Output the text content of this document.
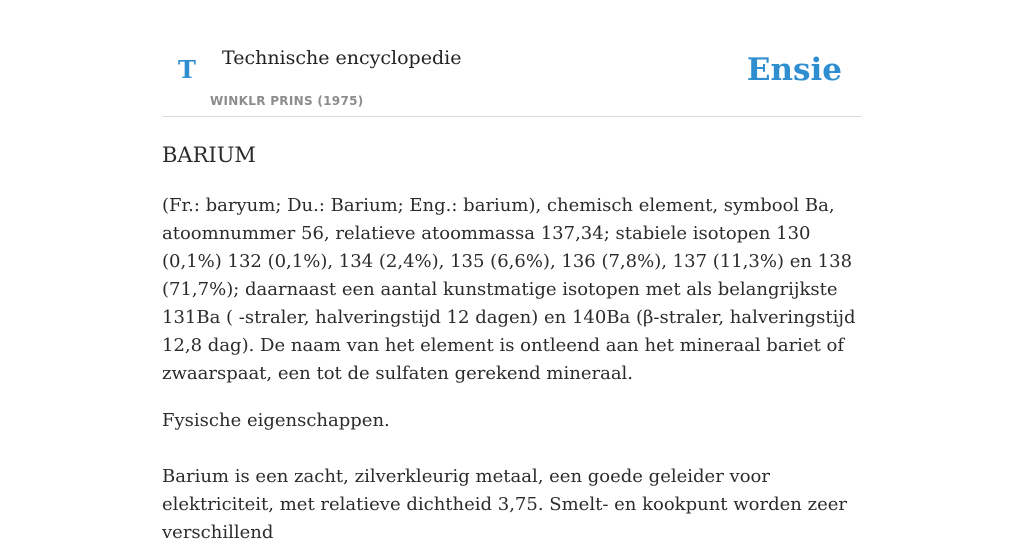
T Technische encyclopedie
WINKLR PRINS (1975)
Ensie
BARIUM

(Fr.: baryum; Du.: Barium; Eng.: barium), chemisch element, symbool Ba, atoomnummer 56, relatieve atoommassa 137,34; stabiele isotopen 130 (0,1%) 132 (0,1%), 134 (2,4%), 135 (6,6%), 136 (7,8%), 137 (11,3%) en 138 (71,7%); daarnaast een aantal kunstmatige isotopen met als belangrijkste 131Ba ( -straler, halveringstijd 12 dagen) en 140Ba (β-straler, halveringstijd 12,8 dag). De naam van het element is ontleend aan het mineraal bariet of zwaarspaat, een tot de sulfaten gerekend mineraal.

Fysische eigenschappen.

Barium is een zacht, zilverkleurig metaal, een goede geleider voor elektriciteit, met relatieve dichtheid 3,75. Smelt- en kookpunt worden zeer verschillend
